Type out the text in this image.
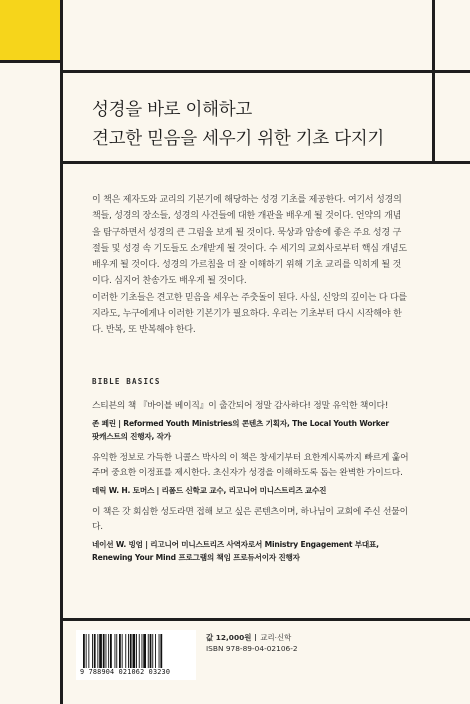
성경을 바로 이해하고
견고한 믿음을 세우기 위한 기초 다지기

이 책은 제자도와 교리의 기본기에 해당하는 성경 기초를 제공한다. 여기서 성경의 책들, 성경의 장소들, 성경의 사건들에 대한 개관을 배우게 될 것이다. 언약의 개념을 탐구하면서 성경의 큰 그림을 보게 될 것이다. 묵상과 암송에 좋은 주요 성경 구절들 및 성경 속 기도들도 소개받게 될 것이다. 수 세기의 교회사로부터 핵심 개념도 배우게 될 것이다. 성경의 가르침을 더 잘 이해하기 위해 기초 교리를 익히게 될 것이다. 심지어 찬송가도 배우게 될 것이다.

이러한 기초들은 견고한 믿음을 세우는 주춧돌이 된다. 사실, 신앙의 깊이는 다 다를지라도, 누구에게나 이러한 기본기가 필요하다. 우리는 기초부터 다시 시작해야 한다. 반복, 또 반복해야 한다.

BIBLE BASICS
스티븐의 책 『바이블 베이직』이 출간되어 정말 감사하다! 정말 유익한 책이다!
존 페린 | Reformed Youth Ministries의 콘텐츠 기획자, The Local Youth Worker
팟캐스트의 진행자, 작가
유익한 정보로 가득한 니콜스 박사의 이 책은 창세기부터 요한계시록까지 빠르게 훑어 주며 중요한 이정표를 제시한다. 초신자가 성경을 이해하도록 돕는 완벽한 가이드다.
데릭 W. H. 토머스 | 리폼드 신학교 교수, 리고니어 미니스트리즈 교수진
이 책은 갓 회심한 성도라면 접해 보고 싶은 콘텐츠이며, 하나님이 교회에 주신 선물이다.
네이선 W. 빙엄 | 리고니어 미니스트리즈 사역자로서 Ministry Engagement 부대표,
Renewing Your Mind 프로그램의 책임 프로듀서이자 진행자
9 788904 021062 03230
값 12,000원 교리·신학
ISBN 978-89-04-02106-2
